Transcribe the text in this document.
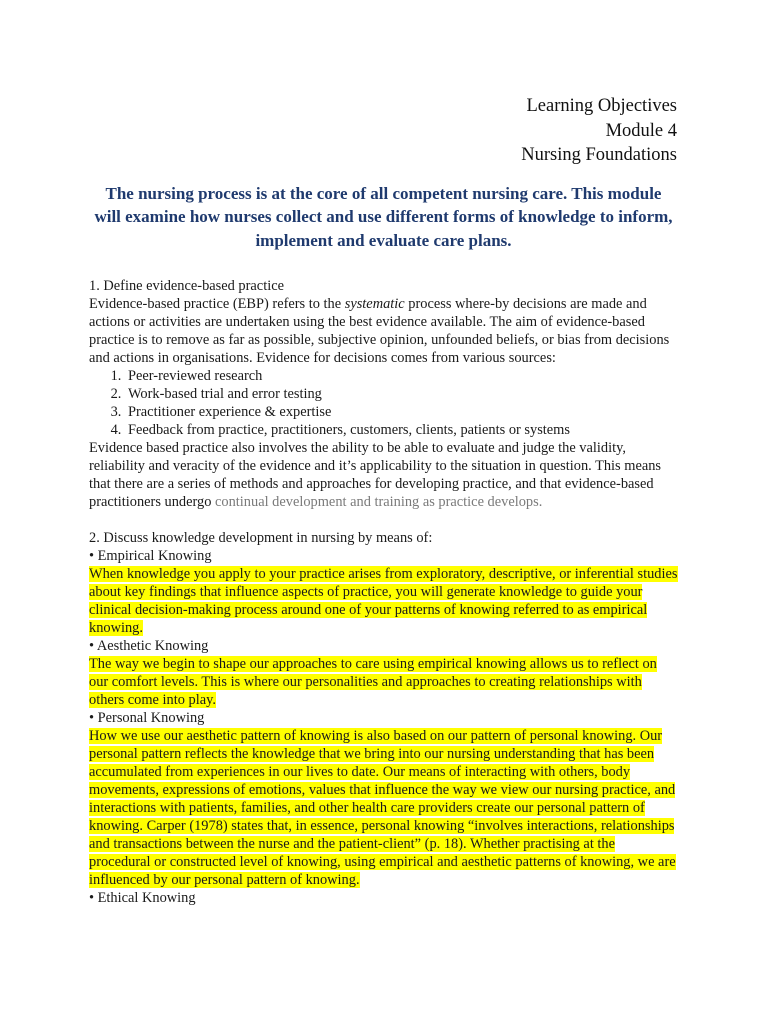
Learning Objectives
Module 4
Nursing Foundations

The nursing process is at the core of all competent nursing care. This module will examine how nurses collect and use different forms of knowledge to inform, implement and evaluate care plans.

1. Define evidence-based practice

Evidence-based practice (EBP) refers to the systematic process where-by decisions are made and actions or activities are undertaken using the best evidence available. The aim of evidence-based practice is to remove as far as possible, subjective opinion, unfounded beliefs, or bias from decisions and actions in organisations. Evidence for decisions comes from various sources:

1. Peer-reviewed research
2. Work-based trial and error testing
3. Practitioner experience & expertise
4. Feedback from practice, practitioners, customers, clients, patients or systems

Evidence based practice also involves the ability to be able to evaluate and judge the validity, reliability and veracity of the evidence and it’s applicability to the situation in question. This means that there are a series of methods and approaches for developing practice, and that evidence-based practitioners undergo continual development and training as practice develops.

2. Discuss knowledge development in nursing by means of:

• Empirical Knowing

When knowledge you apply to your practice arises from exploratory, descriptive, or inferential studies about key findings that influence aspects of practice, you will generate knowledge to guide your clinical decision-making process around one of your patterns of knowing referred to as empirical knowing.

• Aesthetic Knowing

The way we begin to shape our approaches to care using empirical knowing allows us to reflect on our comfort levels. This is where our personalities and approaches to creating relationships with others come into play.

• Personal Knowing

How we use our aesthetic pattern of knowing is also based on our pattern of personal knowing. Our personal pattern reflects the knowledge that we bring into our nursing understanding that has been accumulated from experiences in our lives to date. Our means of interacting with others, body movements, expressions of emotions, values that influence the way we view our nursing practice, and interactions with patients, families, and other health care providers create our personal pattern of knowing. Carper (1978) states that, in essence, personal knowing “involves interactions, relationships and transactions between the nurse and the patient-client” (p. 18). Whether practising at the procedural or constructed level of knowing, using empirical and aesthetic patterns of knowing, we are influenced by our personal pattern of knowing.

• Ethical Knowing
